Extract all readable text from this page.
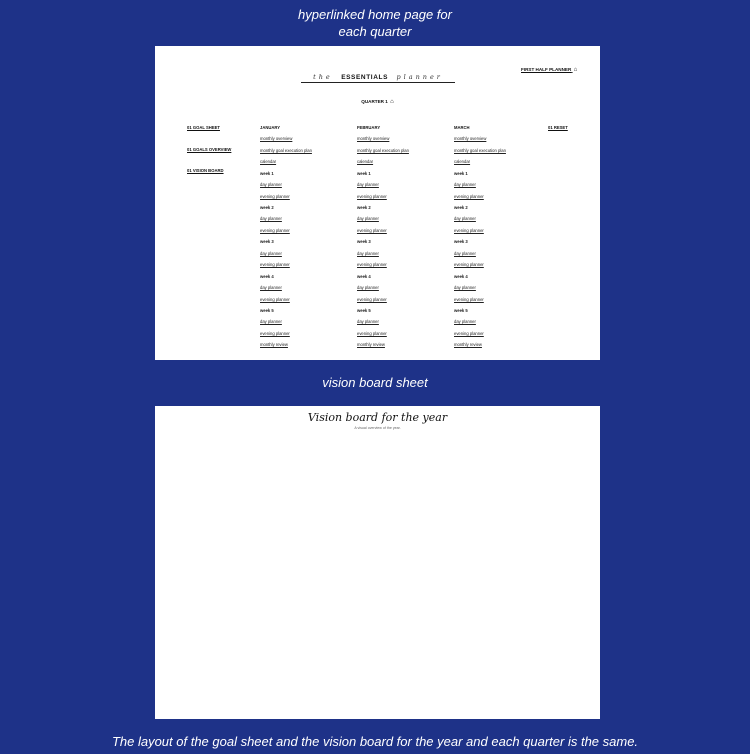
hyperlinked home page for
each quarter
the ESSENTIALS planner
FIRST HALF PLANNER ⌂
QUARTER 1 ⌂
01 GOAL SHEET
01 GOALS OVERVIEW
01 VISION BOARD
01 RESET
JANUARY
monthly overview
monthly goal execution plan
calendar
week 1
day planner
evening planner
week 2
day planner
evening planner
week 3
day planner
evening planner
week 4
day planner
evening planner
week 5
day planner
evening planner
monthly review
FEBRUARY
monthly overview
monthly goal execution plan
calendar
week 1
day planner
evening planner
week 2
day planner
evening planner
week 3
day planner
evening planner
week 4
day planner
evening planner
week 5
day planner
evening planner
monthly review
MARCH
monthly overview
monthly goal execution plan
calendar
week 1
day planner
evening planner
week 2
day planner
evening planner
week 3
day planner
evening planner
week 4
day planner
evening planner
week 5
day planner
evening planner
monthly review
vision board sheet
Vision board for the year
A visual overview of the year.
The layout of the goal sheet and the vision board for the year and each quarter is the same.
